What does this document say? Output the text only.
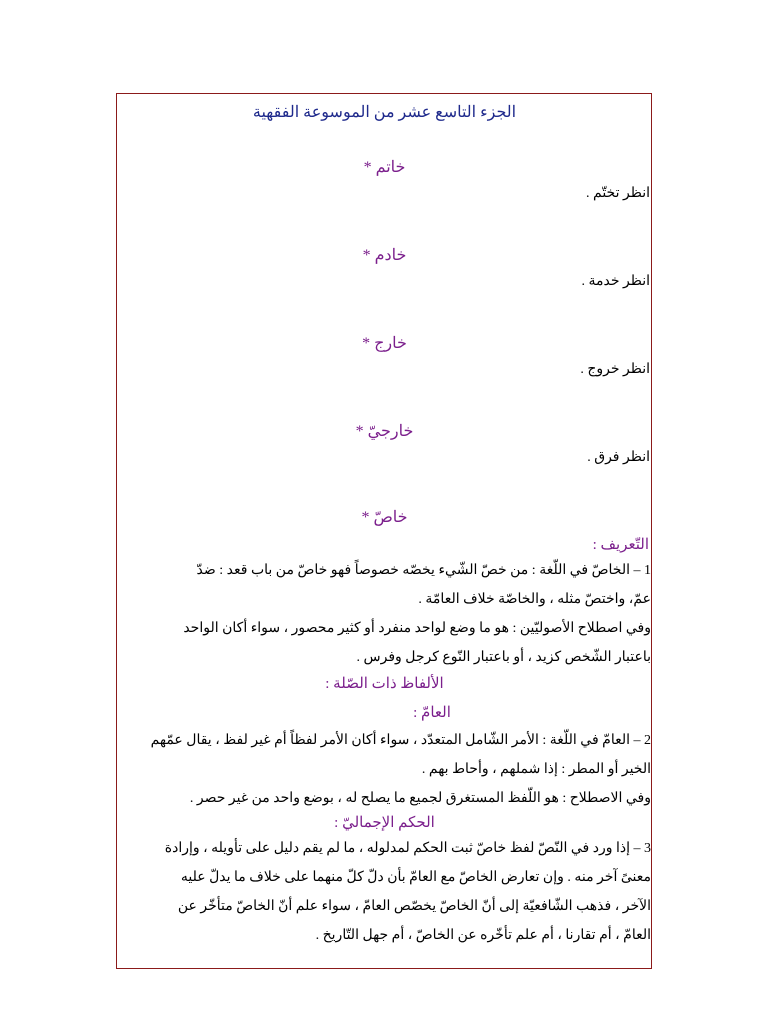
الجزء التاسع عشر من الموسوعة الفقهية
خاتم *
انظر تختّم .
خادم *
انظر خدمة .
خارج *
انظر خروج .
خارجيّ *
انظر فرق .
خاصّ *
التّعريف :
1 – الخاصّ في اللّغة : من خصّ الشّيء يخصّه خصوصاً فهو خاصّ من باب قعد : ضدّ
عمّ، واختصّ مثله ، والخاصّة خلاف العامّة .
وفي اصطلاح الأصوليّين : هو ما وضع لواحد منفرد أو كثير محصور ، سواء أكان الواحد
باعتبار الشّخص كزيد ، أو باعتبار النّوع كرجل وفرس .
الألفاظ ذات الصّلة :
العامّ :
2 – العامّ في اللّغة : الأمر الشّامل المتعدّد ، سواء أكان الأمر لفظاً أم غير لفظ ، يقال عمّهم
الخير أو المطر : إذا شملهم ، وأحاط بهم .
وفي الاصطلاح : هو اللّفظ المستغرق لجميع ما يصلح له ، بوضع واحد من غير حصر .
الحكم الإجماليّ :
3 – إذا ورد في النّصّ لفظ خاصّ ثبت الحكم لمدلوله ، ما لم يقم دليل على تأويله ، وإرادة
معنىً آخر منه . وإن تعارض الخاصّ مع العامّ بأن دلّ كلّ منهما على خلاف ما يدلّ عليه
الآخر ، فذهب الشّافعيّة إلى أنّ الخاصّ يخصّص العامّ ، سواء علم أنّ الخاصّ متأخّر عن
العامّ ، أم تقارنا ، أم علم تأخّره عن الخاصّ ، أم جهل التّاريخ .
